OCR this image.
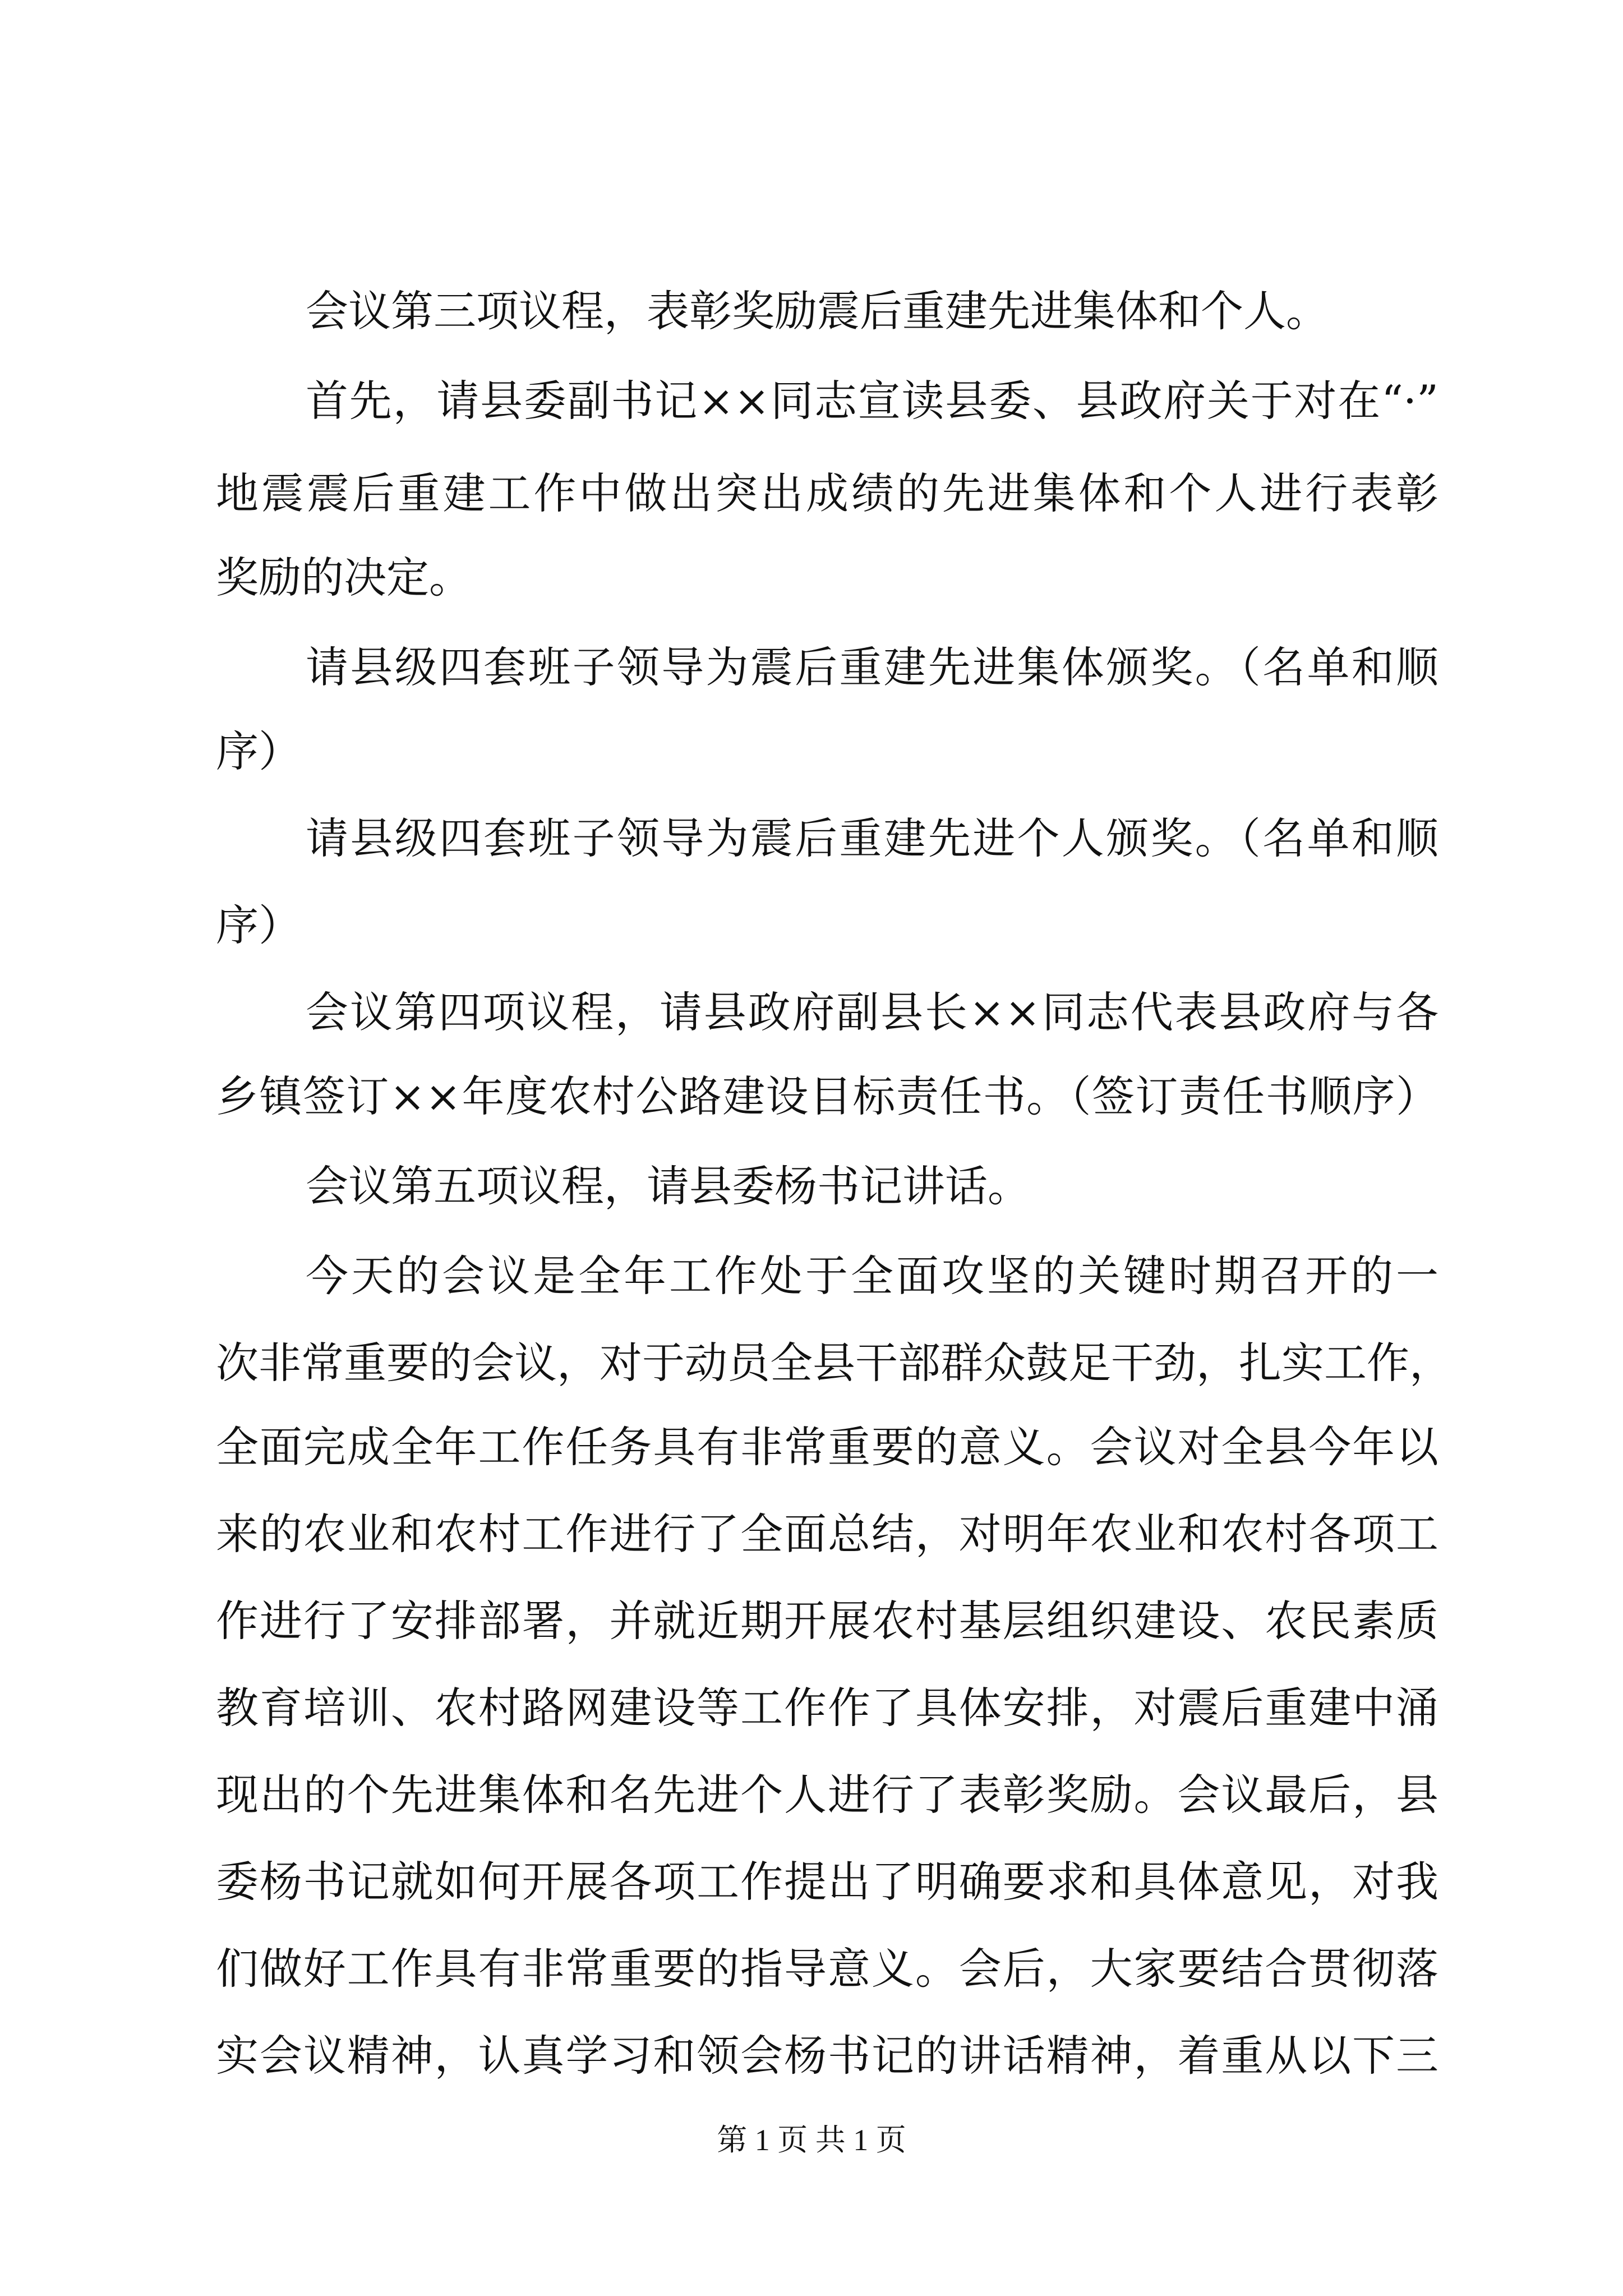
会议第三项议程，表彰奖励震后重建先进集体和个人。
首先，请县委副书记××同志宣读县委、县政府关于对在“·”
地震震后重建工作中做出突出成绩的先进集体和个人进行表彰
奖励的决定。
请县级四套班子领导为震后重建先进集体颁奖。（名单和顺
序）
请县级四套班子领导为震后重建先进个人颁奖。（名单和顺
序）
会议第四项议程，请县政府副县长××同志代表县政府与各
乡镇签订××年度农村公路建设目标责任书。（签订责任书顺序）
会议第五项议程，请县委杨书记讲话。
今天的会议是全年工作处于全面攻坚的关键时期召开的一
次非常重要的会议，对于动员全县干部群众鼓足干劲，扎实工作，
全面完成全年工作任务具有非常重要的意义。会议对全县今年以
来的农业和农村工作进行了全面总结，对明年农业和农村各项工
作进行了安排部署，并就近期开展农村基层组织建设、农民素质
教育培训、农村路网建设等工作作了具体安排，对震后重建中涌
现出的个先进集体和名先进个人进行了表彰奖励。会议最后，县
委杨书记就如何开展各项工作提出了明确要求和具体意见，对我
们做好工作具有非常重要的指导意义。会后，大家要结合贯彻落
实会议精神，认真学习和领会杨书记的讲话精神，着重从以下三
第 1 页 共 1 页
